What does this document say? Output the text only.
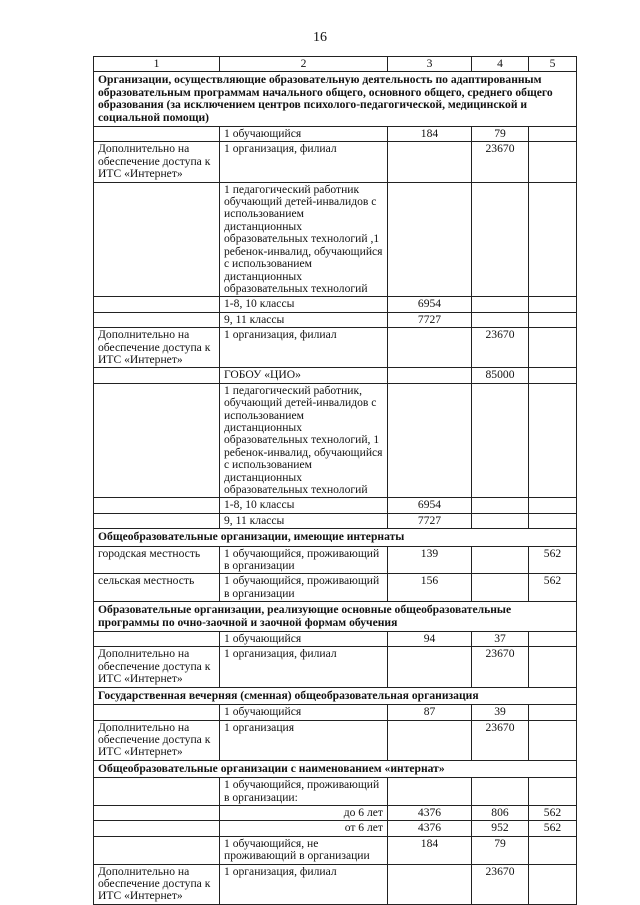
16
1	2	3	4	5
Организации, осуществляющие образовательную деятельность по адаптированным образовательным программам начального общего, основного общего, среднего общего образования (за исключением центров психолого-педагогической, медицинской и социальной помощи)				
	1 обучающийся	184	79	
Дополнительно на обеспечение доступа к ИТС «Интернет»	1 организация, филиал		23670	
	1 педагогический работник обучающий детей-инвалидов с использованием дистанционных образовательных технологий ,1 ребенок-инвалид, обучающийся с использованием дистанционных образовательных технологий			
	1-8, 10 классы	6954		
	9, 11 классы	7727		
Дополнительно на обеспечение доступа к ИТС «Интернет»	1 организация, филиал		23670	
	ГОБОУ «ЦИО»		85000	
	1 педагогический работник, обучающий детей-инвалидов с использованием дистанционных образовательных технологий, 1 ребенок-инвалид, обучающийся с использованием дистанционных образовательных технологий			
	1-8, 10 классы	6954		
	9, 11 классы	7727		
Общеобразовательные организации, имеющие интернаты				
городская местность	1 обучающийся, проживающий в организации	139		562
сельская местность	1 обучающийся, проживающий в организации	156		562
Образовательные организации, реализующие основные общеобразовательные программы по очно-заочной и заочной формам обучения				
	1 обучающийся	94	37	
Дополнительно на обеспечение доступа к ИТС «Интернет»	1 организация, филиал		23670	
Государственная вечерняя (сменная) общеобразовательная организация				
	1 обучающийся	87	39	
Дополнительно на обеспечение доступа к ИТС «Интернет»	1 организация		23670	
Общеобразовательные организации с наименованием «интернат»				
	1 обучающийся, проживающий в организации:			
	до 6 лет	4376	806	562
	от 6 лет	4376	952	562
	1 обучающийся, не проживающий в организации	184	79	
Дополнительно на обеспечение доступа к ИТС «Интернет»	1 организация, филиал		23670	
